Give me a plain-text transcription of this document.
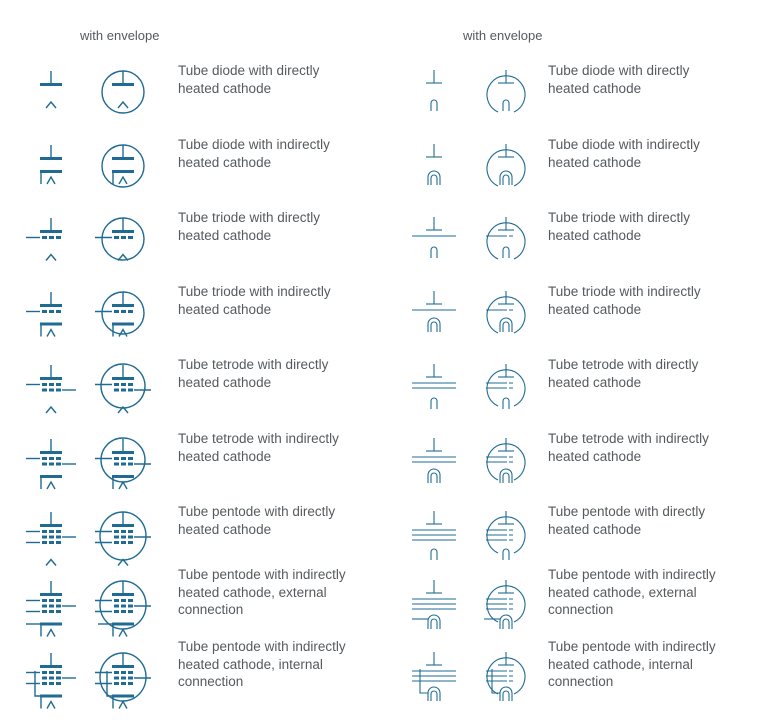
with envelope	with envelope
Tube diode with directly
heated cathode
Tube diode with indirectly
heated cathode
Tube triode with directly
heated cathode
Tube triode with indirectly
heated cathode
Tube tetrode with directly
heated cathode
Tube tetrode with indirectly
heated cathode
Tube pentode with directly
heated cathode
Tube pentode with indirectly
heated cathode, external
connection
Tube pentode with indirectly
heated cathode, internal
connection
Tube diode with directly
heated cathode
Tube diode with indirectly
heated cathode
Tube triode with directly
heated cathode
Tube triode with indirectly
heated cathode
Tube tetrode with directly
heated cathode
Tube tetrode with indirectly
heated cathode
Tube pentode with directly
heated cathode
Tube pentode with indirectly
heated cathode, external
connection
Tube pentode with indirectly
heated cathode, internal
connection
